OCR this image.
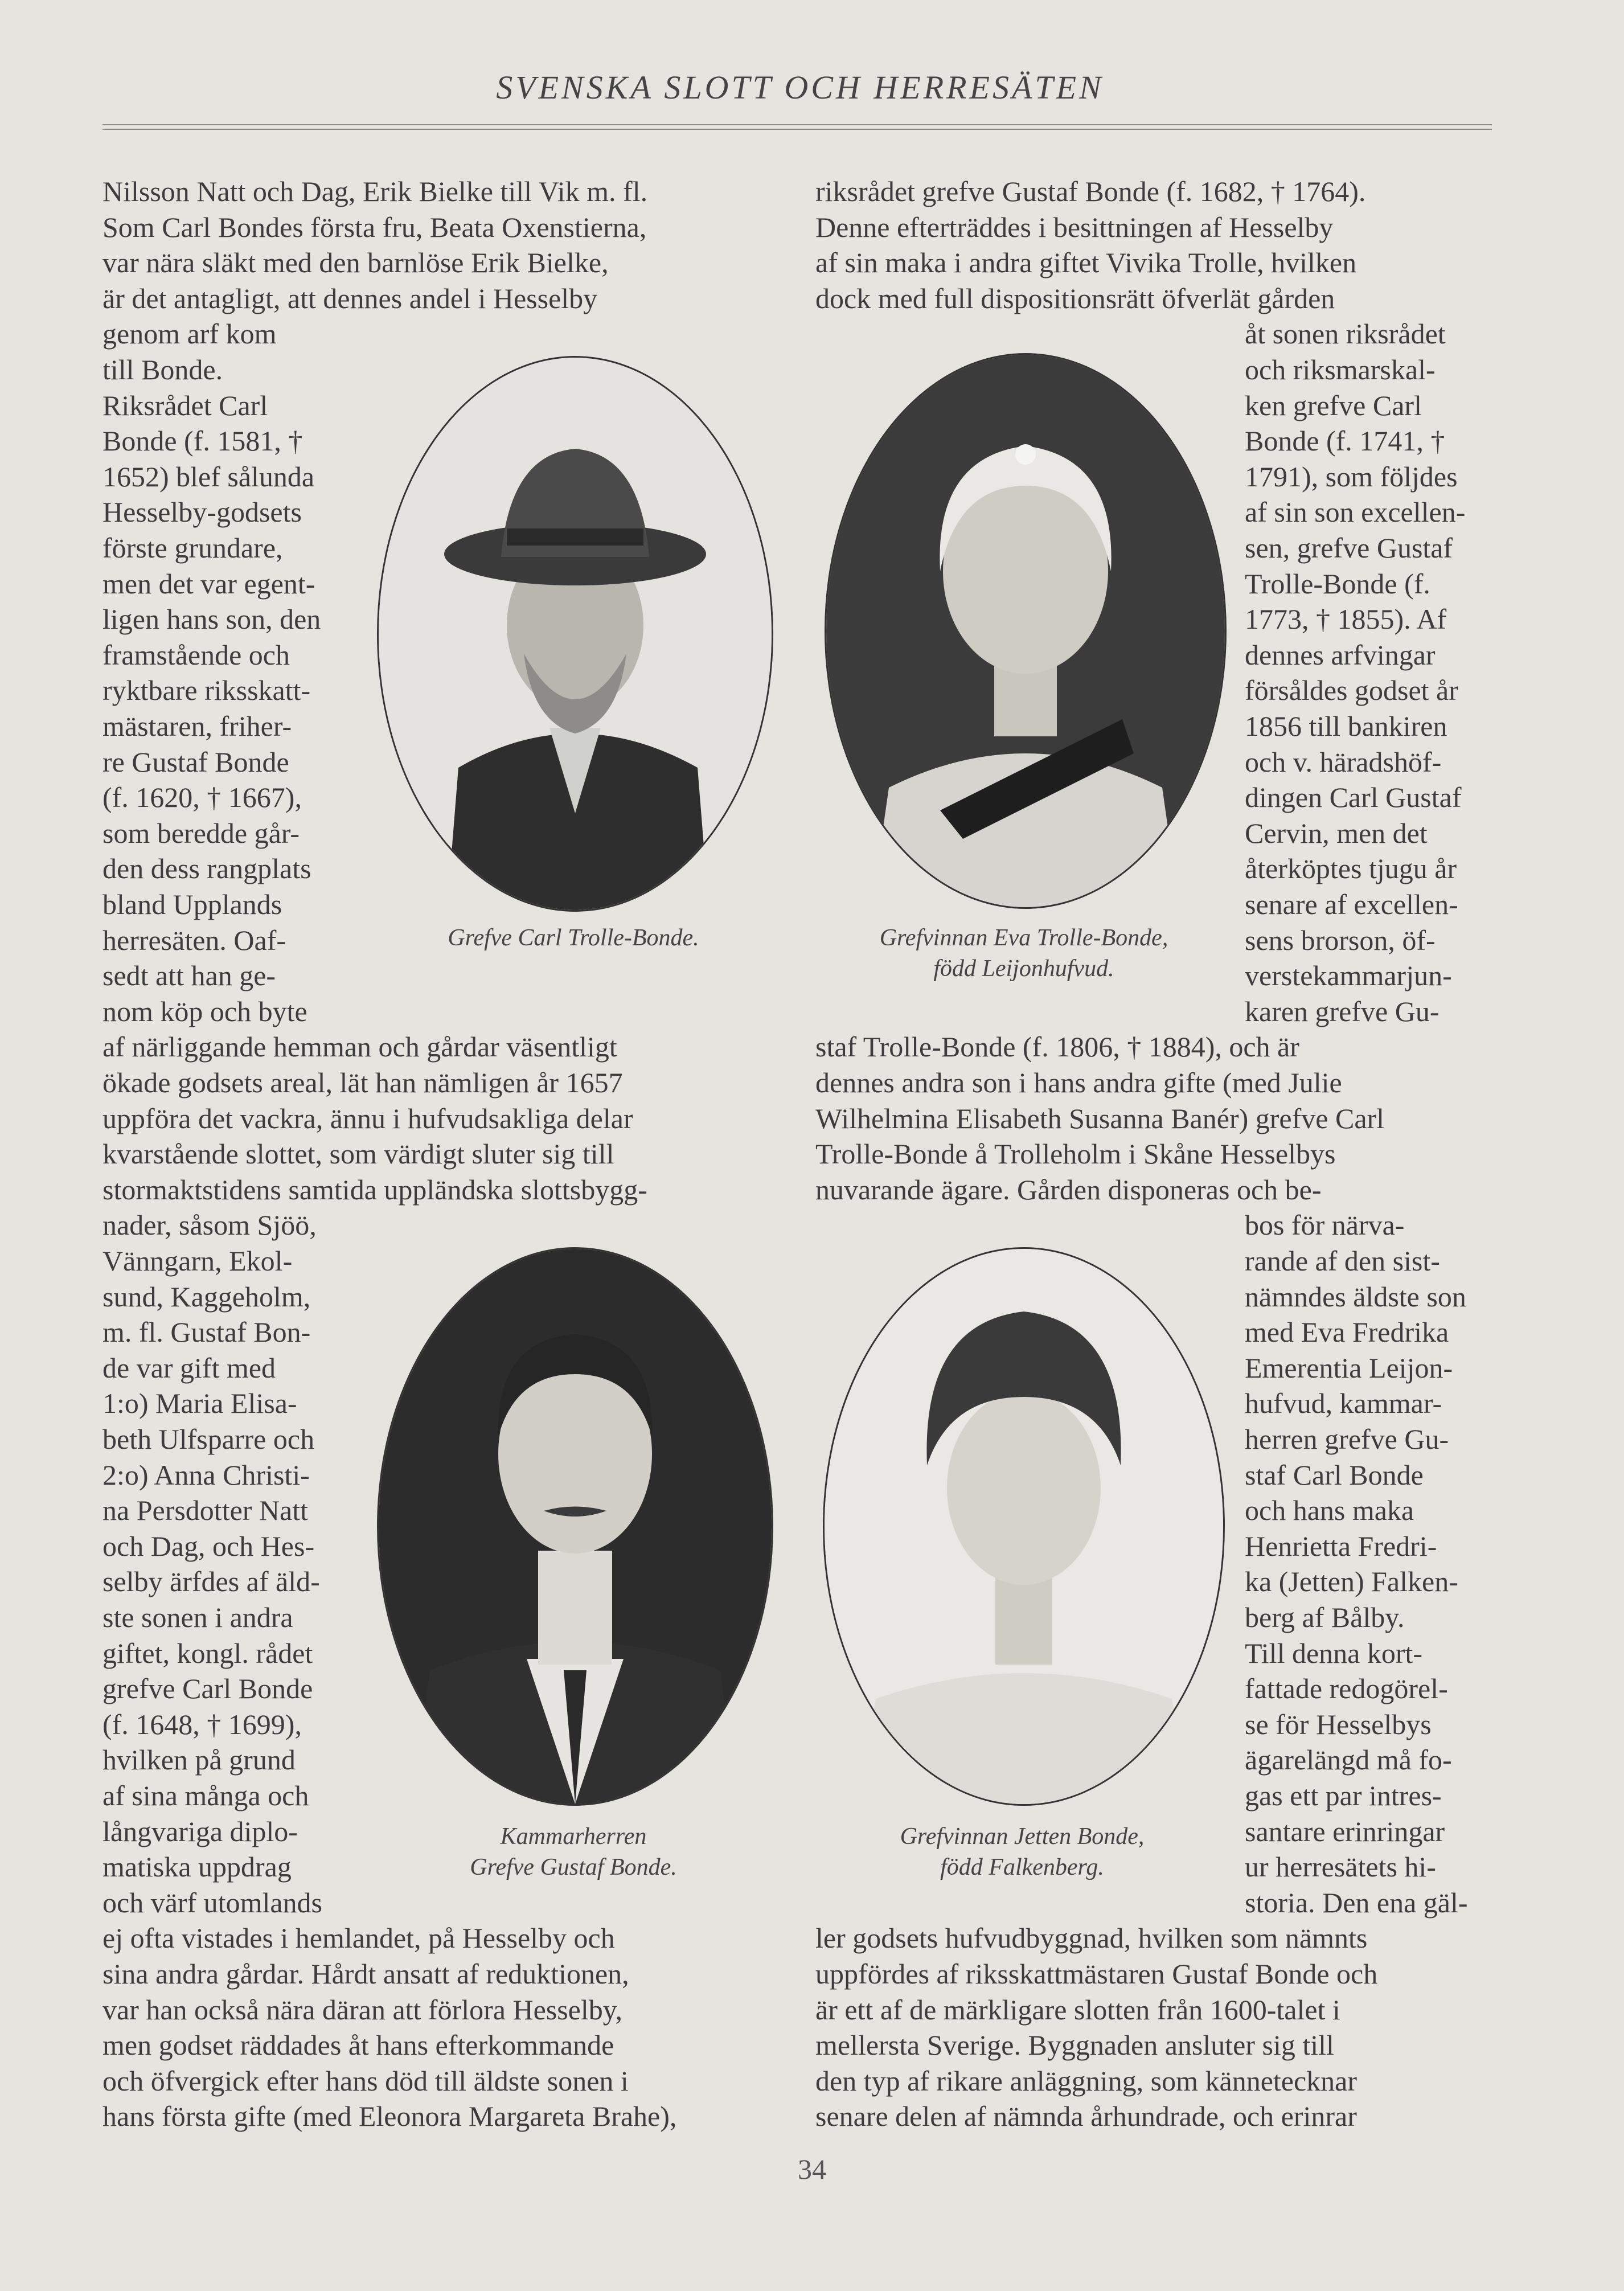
SVENSKA SLOTT OCH HERRESÄTEN
Nilsson Natt och Dag, Erik Bielke till Vik m. fl.
Som Carl Bondes första fru, Beata Oxenstierna,
var nära släkt med den barnlöse Erik Bielke,
är det antagligt, att dennes andel i Hesselby
genom arf kom
till Bonde.
Riksrådet Carl
Bonde (f. 1581, †
1652) blef sålunda
Hesselby-godsets
förste grundare,
men det var egent-
ligen hans son, den
framstående och
ryktbare riksskatt-
mästaren, friher-
re Gustaf Bonde
(f. 1620, † 1667),
som beredde går-
den dess rangplats
bland Upplands
herresäten. Oaf-
sedt att han ge-
nom köp och byte
af närliggande hemman och gårdar väsentligt
ökade godsets areal, lät han nämligen år 1657
uppföra det vackra, ännu i hufvudsakliga delar
kvarstående slottet, som värdigt sluter sig till
stormaktstidens samtida uppländska slottsbygg-
nader, såsom Sjöö,
Vänngarn, Ekol-
sund, Kaggeholm,
m. fl. Gustaf Bon-
de var gift med
1:o) Maria Elisa-
beth Ulfsparre och
2:o) Anna Christi-
na Persdotter Natt
och Dag, och Hes-
selby ärfdes af äld-
ste sonen i andra
giftet, kongl. rådet
grefve Carl Bonde
(f. 1648, † 1699),
hvilken på grund
af sina många och
långvariga diplo-
matiska uppdrag
och värf utomlands
ej ofta vistades i hemlandet, på Hesselby och
sina andra gårdar. Hårdt ansatt af reduktionen,
var han också nära däran att förlora Hesselby,
men godset räddades åt hans efterkommande
och öfvergick efter hans död till äldste sonen i
hans första gifte (med Eleonora Margareta Brahe),
riksrådet grefve Gustaf Bonde (f. 1682, † 1764).
Denne efterträddes i besittningen af Hesselby
af sin maka i andra giftet Vivika Trolle, hvilken
dock med full dispositionsrätt öfverlät gården
åt sonen riksrådet
och riksmarskal-
ken grefve Carl
Bonde (f. 1741, †
1791), som följdes
af sin son excellen-
sen, grefve Gustaf
Trolle-Bonde (f.
1773, † 1855). Af
dennes arfvingar
försåldes godset år
1856 till bankiren
och v. häradshöf-
dingen Carl Gustaf
Cervin, men det
återköptes tjugu år
senare af excellen-
sens brorson, öf-
verstekammarjun-
karen grefve Gu-
staf Trolle-Bonde (f. 1806, † 1884), och är
dennes andra son i hans andra gifte (med Julie
Wilhelmina Elisabeth Susanna Banér) grefve Carl
Trolle-Bonde å Trolleholm i Skåne Hesselbys
nuvarande ägare. Gården disponeras och be-
bos för närva-
rande af den sist-
nämndes äldste son
med Eva Fredrika
Emerentia Leijon-
hufvud, kammar-
herren grefve Gu-
staf Carl Bonde
och hans maka
Henrietta Fredri-
ka (Jetten) Falken-
berg af Bålby.
Till denna kort-
fattade redogörel-
se för Hesselbys
ägarelängd må fo-
gas ett par intres-
santare erinringar
ur herresätets hi-
storia. Den ena gäl-
ler godsets hufvudbyggnad, hvilken som nämnts
uppfördes af riksskattmästaren Gustaf Bonde och
är ett af de märkligare slotten från 1600-talet i
mellersta Sverige. Byggnaden ansluter sig till
den typ af rikare anläggning, som kännetecknar
senare delen af nämnda århundrade, och erinrar
Grefve Carl Trolle-Bonde.	Grefvinnan Eva Trolle-Bonde,
född Leijonhufvud.
Kammarherren
Grefve Gustaf Bonde.
Grefvinnan Jetten Bonde,
född Falkenberg.
34
